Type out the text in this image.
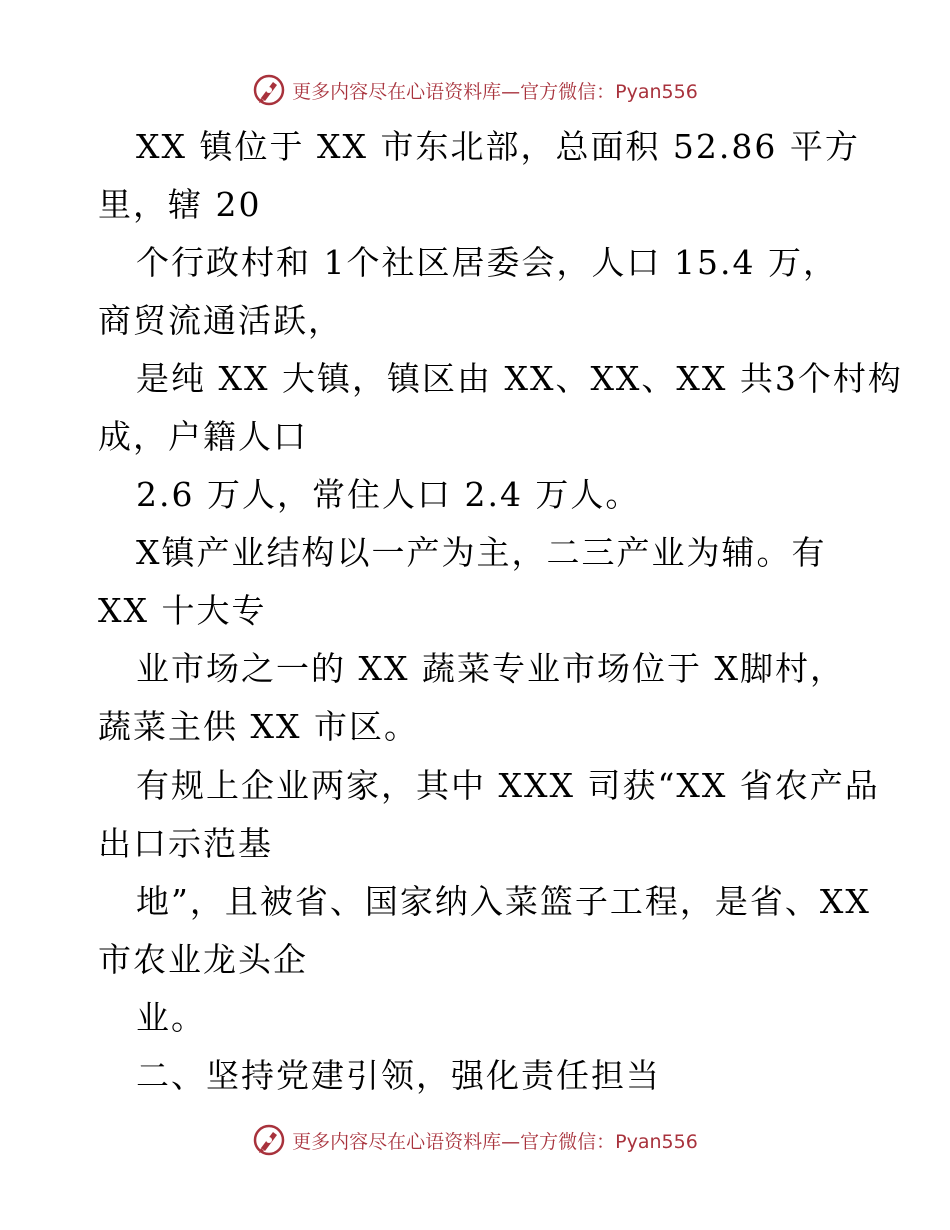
更多内容尽在心语资料库—官方微信：Pyan556
XX 镇位于 XX 市东北部，总面积 52.86 平方
里，辖 20
个行政村和 1个社区居委会，人口 15.4 万，
商贸流通活跃，
是纯 XX 大镇，镇区由 XX、XX、XX 共3个村构
成，户籍人口
2.6 万人，常住人口 2.4 万人。
X镇产业结构以一产为主，二三产业为辅。有
XX 十大专
业市场之一的 XX 蔬菜专业市场位于 X脚村，
蔬菜主供 XX 市区。
有规上企业两家，其中 XXX 司获“XX 省农产品
出口示范基
地”，且被省、国家纳入菜篮子工程，是省、XX
市农业龙头企
业。
二、坚持党建引领，强化责任担当
更多内容尽在心语资料库—官方微信：Pyan556
